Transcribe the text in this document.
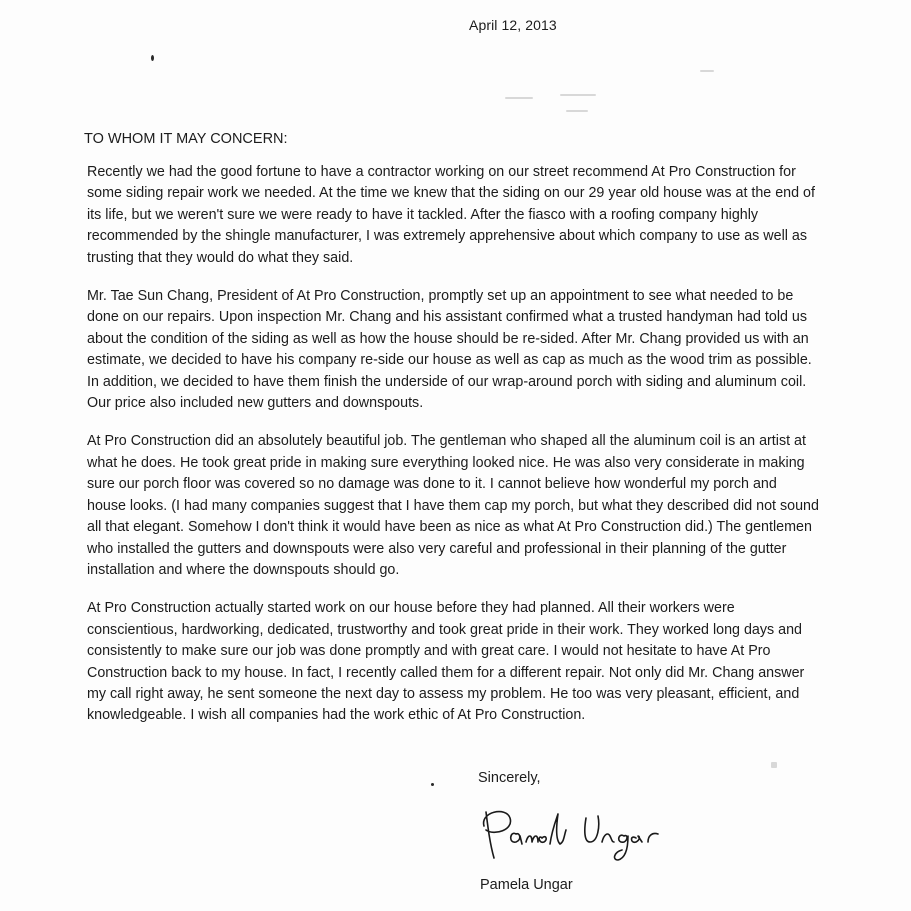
April 12, 2013
TO WHOM IT MAY CONCERN:

Recently we had the good fortune to have a contractor working on our street recommend At Pro Construction for some siding repair work we needed. At the time we knew that the siding on our 29 year old house was at the end of its life, but we weren't sure we were ready to have it tackled. After the fiasco with a roofing company highly recommended by the shingle manufacturer, I was extremely apprehensive about which company to use as well as trusting that they would do what they said.

Mr. Tae Sun Chang, President of At Pro Construction, promptly set up an appointment to see what needed to be done on our repairs. Upon inspection Mr. Chang and his assistant confirmed what a trusted handyman had told us about the condition of the siding as well as how the house should be re-sided. After Mr. Chang provided us with an estimate, we decided to have his company re-side our house as well as cap as much as the wood trim as possible. In addition, we decided to have them finish the underside of our wrap-around porch with siding and aluminum coil. Our price also included new gutters and downspouts.

At Pro Construction did an absolutely beautiful job. The gentleman who shaped all the aluminum coil is an artist at what he does. He took great pride in making sure everything looked nice. He was also very considerate in making sure our porch floor was covered so no damage was done to it. I cannot believe how wonderful my porch and house looks. (I had many companies suggest that I have them cap my porch, but what they described did not sound all that elegant. Somehow I don't think it would have been as nice as what At Pro Construction did.) The gentlemen who installed the gutters and downspouts were also very careful and professional in their planning of the gutter installation and where the downspouts should go.

At Pro Construction actually started work on our house before they had planned. All their workers were conscientious, hardworking, dedicated, trustworthy and took great pride in their work. They worked long days and consistently to make sure our job was done promptly and with great care. I would not hesitate to have At Pro Construction back to my house. In fact, I recently called them for a different repair. Not only did Mr. Chang answer my call right away, he sent someone the next day to assess my problem. He too was very pleasant, efficient, and knowledgeable. I wish all companies had the work ethic of At Pro Construction.

Sincerely,
Pamela Ungar
